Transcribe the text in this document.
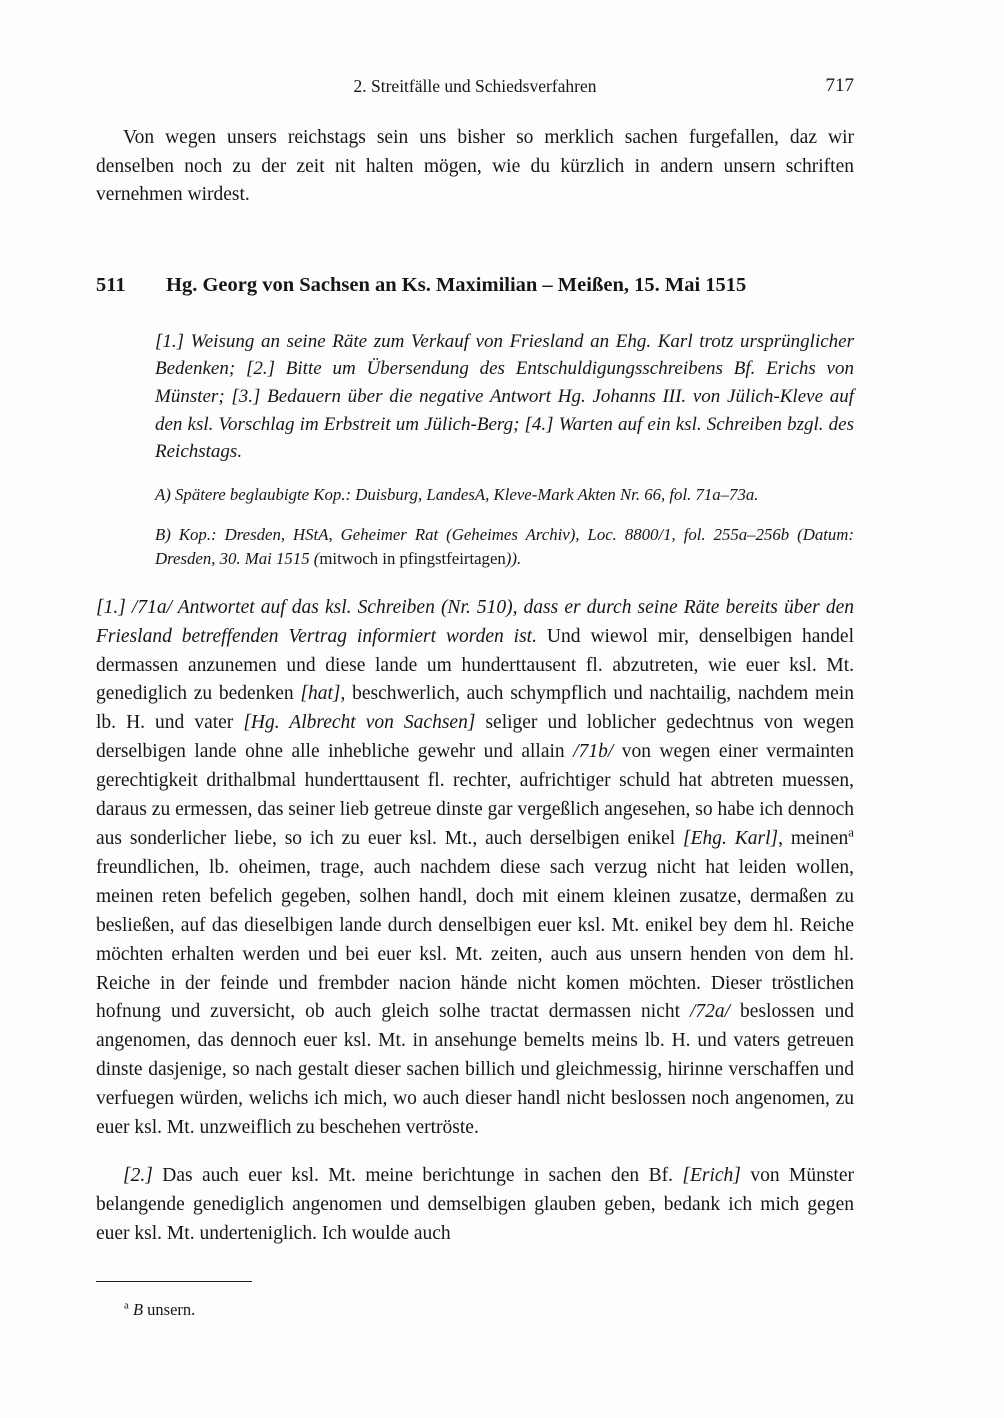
2. Streitfälle und Schiedsverfahren	717

Von wegen unsers reichstags sein uns bisher so merklich sachen furgefallen, daz wir denselben noch zu der zeit nit halten mögen, wie du kürzlich in andern unsern schriften vernehmen wirdest.

511	Hg. Georg von Sachsen an Ks. Maximilian – Meißen, 15. Mai 1515

[1.] Weisung an seine Räte zum Verkauf von Friesland an Ehg. Karl trotz ursprünglicher Bedenken; [2.] Bitte um Übersendung des Entschuldigungsschreibens Bf. Erichs von Münster; [3.] Bedauern über die negative Antwort Hg. Johanns III. von Jülich-Kleve auf den ksl. Vorschlag im Erbstreit um Jülich-Berg; [4.] Warten auf ein ksl. Schreiben bzgl. des Reichstags.

A) Spätere beglaubigte Kop.: Duisburg, LandesA, Kleve-Mark Akten Nr. 66, fol. 71a–73a.

B) Kop.: Dresden, HStA, Geheimer Rat (Geheimes Archiv), Loc. 8800/1, fol. 255a–256b (Datum: Dresden, 30. Mai 1515 (mitwoch in pfingstfeirtagen)).

[1.] /71a/ Antwortet auf das ksl. Schreiben (Nr. 510), dass er durch seine Räte bereits über den Friesland betreffenden Vertrag informiert worden ist. Und wiewol mir, denselbigen handel dermassen anzunemen und diese lande um hunderttausent fl. abzutreten, wie euer ksl. Mt. genediglich zu bedenken [hat], beschwerlich, auch schympflich und nachtailig, nachdem mein lb. H. und vater [Hg. Albrecht von Sachsen] seliger und loblicher gedechtnus von wegen derselbigen lande ohne alle inhebliche gewehr und allain /71b/ von wegen einer vermainten gerechtigkeit drithalbmal hunderttausent fl. rechter, aufrichtiger schuld hat abtreten muessen, daraus zu ermessen, das seiner lieb getreue dinste gar vergeßlich angesehen, so habe ich dennoch aus sonderlicher liebe, so ich zu euer ksl. Mt., auch derselbigen enikel [Ehg. Karl], meinen$^a$ freundlichen, lb. oheimen, trage, auch nachdem diese sach verzug nicht hat leiden wollen, meinen reten befelich gegeben, solhen handl, doch mit einem kleinen zusatze, dermaßen zu besließen, auf das dieselbigen lande durch denselbigen euer ksl. Mt. enikel bey dem hl. Reiche möchten erhalten werden und bei euer ksl. Mt. zeiten, auch aus unsern henden von dem hl. Reiche in der feinde und frembder nacion hände nicht komen möchten. Dieser tröstlichen hofnung und zuversicht, ob auch gleich solhe tractat dermassen nicht /72a/ beslossen und angenomen, das dennoch euer ksl. Mt. in ansehunge bemelts meins lb. H. und vaters getreuen dinste dasjenige, so nach gestalt dieser sachen billich und gleichmessig, hirinne verschaffen und verfuegen würden, welichs ich mich, wo auch dieser handl nicht beslossen noch angenomen, zu euer ksl. Mt. unzweiflich zu beschehen vertröste.

[2.] Das auch euer ksl. Mt. meine berichtunge in sachen den Bf. [Erich] von Münster belangende genediglich angenomen und demselbigen glauben geben, bedank ich mich gegen euer ksl. Mt. underteniglich. Ich woulde auch

$^a$ B unsern.
